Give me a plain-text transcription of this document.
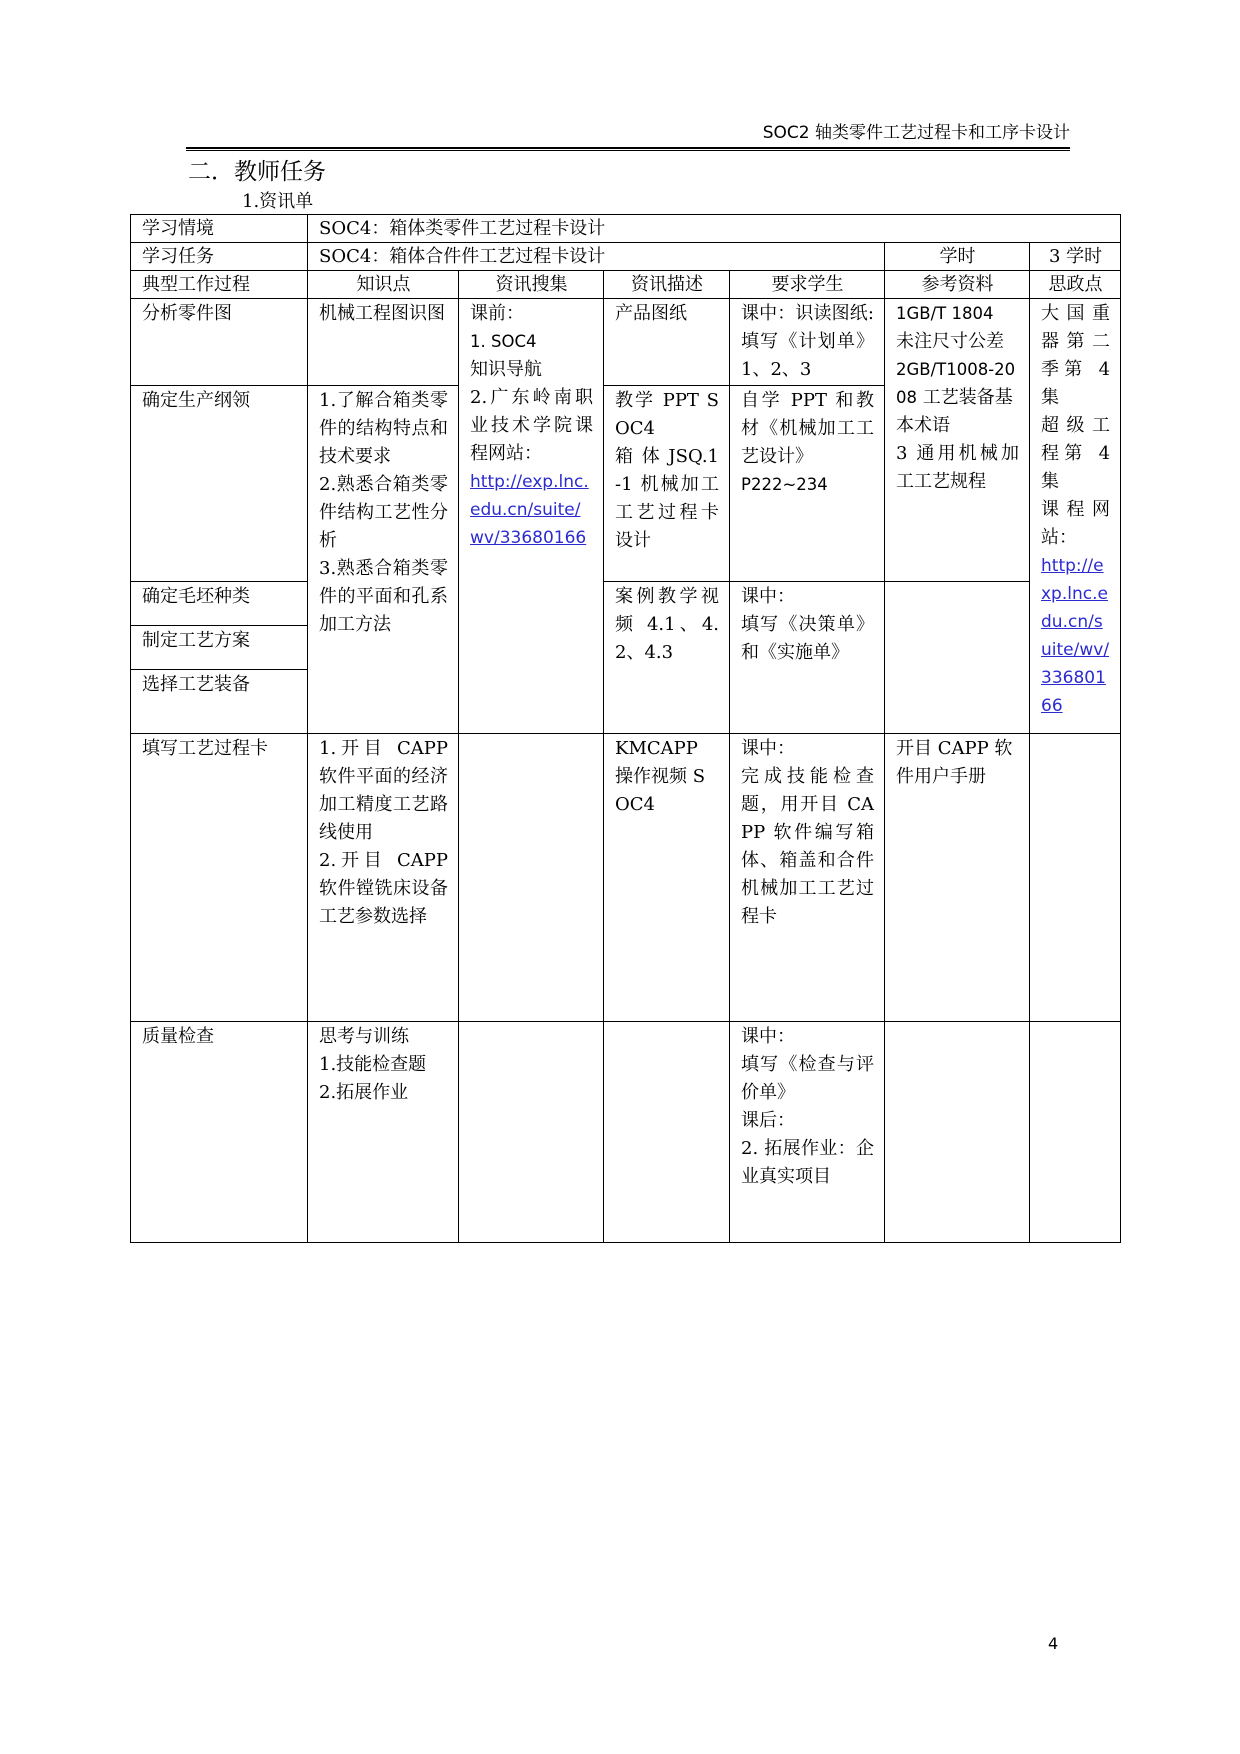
SOC2 轴类零件工艺过程卡和工序卡设计
二．教师任务
1.资讯单
学习情境	SOC4：箱体类零件工艺过程卡设计					
学习任务	SOC4：箱体合件件工艺过程卡设计				学时	3 学时
典型工作过程	知识点	资讯搜集	资讯描述	要求学生	参考资料	思政点
分析零件图	机械工程图识图	课前：
1. SOC4
知识导航
2.广东岭南职业技术学院课程网站：
http://exp.lnc.edu.cn/suite/wv/33680166	产品图纸	课中：识读图纸:填写《计划单》1、2、3	1GB/T 1804
未注尺寸公差
2GB/T1008-2008 工艺装备基本术语
3 通用机械加工工艺规程	大国重器第二季第 4 集
超级工程第 4 集
课程网站：
http://exp.lnc.edu.cn/suite/wv/33680166

确定生产纲领	1.了解合箱类零件的结构特点和技术要求
2.熟悉合箱类零件结构工艺性分析
3.熟悉合箱类零件的平面和孔系加工方法		教学 PPT SOC4
箱 体 JSQ.1-1 机械加工工艺过程卡设计	自学 PPT 和教材《机械加工工艺设计》
P222~234		

确定毛坯种类			案例教学视频 4.1、4.2、4.3	课中：
填写《决策单》和《实施单》		

制定工艺方案						
选择工艺装备						
填写工艺过程卡	1.开目 CAPP 软件平面的经济加工精度工艺路线使用
2.开目 CAPP 软件镗铣床设备工艺参数选择		KMCAPP 操作视频 SOC4	课中：
完成技能检查题，用开目 CAPP 软件编写箱体、箱盖和合件机械加工工艺过程卡	开目 CAPP 软件用户手册	
质量检查	思考与训练
1.技能检查题
2.拓展作业			课中：
填写《检查与评价单》
课后：
2. 拓展作业：企业真实项目		

4
